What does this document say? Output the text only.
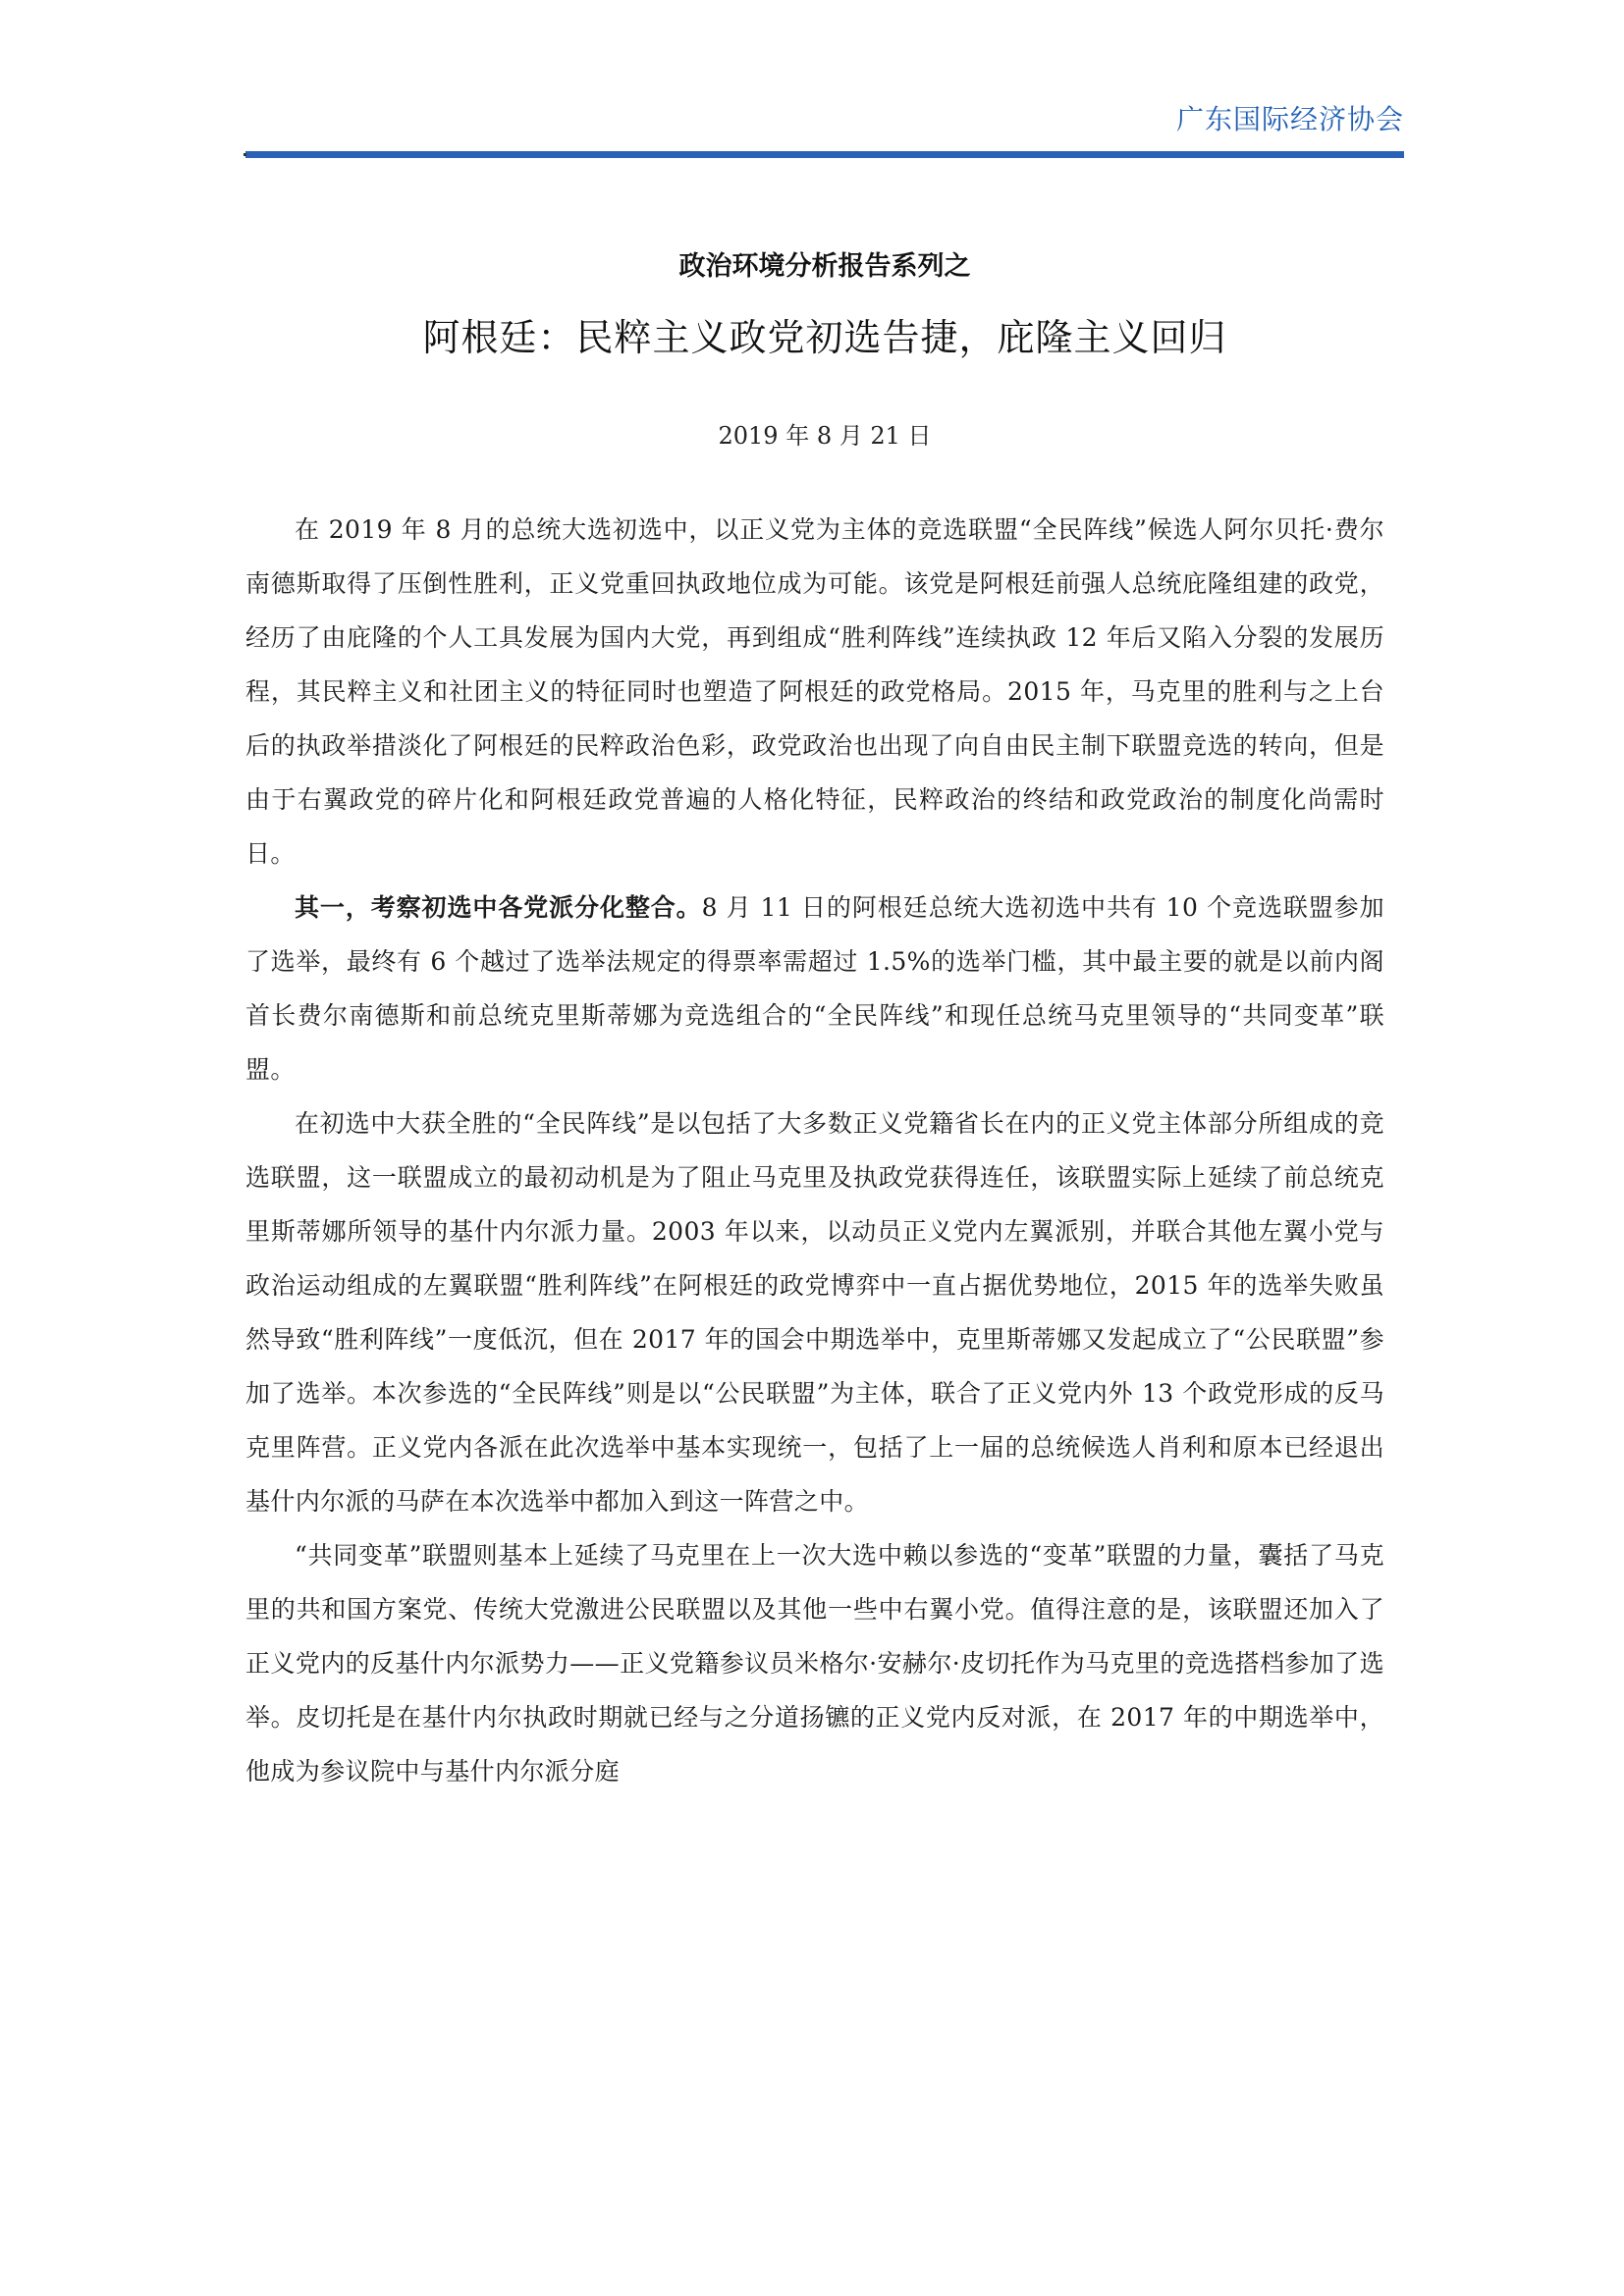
广东国际经济协会
政治环境分析报告系列之
阿根廷：民粹主义政党初选告捷，庇隆主义回归
2019 年 8 月 21 日

在 2019 年 8 月的总统大选初选中，以正义党为主体的竞选联盟“全民阵线”候选人阿尔贝托·费尔南德斯取得了压倒性胜利，正义党重回执政地位成为可能。该党是阿根廷前强人总统庇隆组建的政党，经历了由庇隆的个人工具发展为国内大党，再到组成“胜利阵线”连续执政 12 年后又陷入分裂的发展历程，其民粹主义和社团主义的特征同时也塑造了阿根廷的政党格局。2015 年，马克里的胜利与之上台后的执政举措淡化了阿根廷的民粹政治色彩，政党政治也出现了向自由民主制下联盟竞选的转向，但是由于右翼政党的碎片化和阿根廷政党普遍的人格化特征，民粹政治的终结和政党政治的制度化尚需时日。

其一，考察初选中各党派分化整合。8 月 11 日的阿根廷总统大选初选中共有 10 个竞选联盟参加了选举，最终有 6 个越过了选举法规定的得票率需超过 1.5%的选举门槛，其中最主要的就是以前内阁首长费尔南德斯和前总统克里斯蒂娜为竞选组合的“全民阵线”和现任总统马克里领导的“共同变革”联盟。

在初选中大获全胜的“全民阵线”是以包括了大多数正义党籍省长在内的正义党主体部分所组成的竞选联盟，这一联盟成立的最初动机是为了阻止马克里及执政党获得连任，该联盟实际上延续了前总统克里斯蒂娜所领导的基什内尔派力量。2003 年以来，以动员正义党内左翼派别，并联合其他左翼小党与政治运动组成的左翼联盟“胜利阵线”在阿根廷的政党博弈中一直占据优势地位，2015 年的选举失败虽然导致“胜利阵线”一度低沉，但在 2017 年的国会中期选举中，克里斯蒂娜又发起成立了“公民联盟”参加了选举。本次参选的“全民阵线”则是以“公民联盟”为主体，联合了正义党内外 13 个政党形成的反马克里阵营。正义党内各派在此次选举中基本实现统一，包括了上一届的总统候选人肖利和原本已经退出基什内尔派的马萨在本次选举中都加入到这一阵营之中。

“共同变革”联盟则基本上延续了马克里在上一次大选中赖以参选的“变革”联盟的力量，囊括了马克里的共和国方案党、传统大党激进公民联盟以及其他一些中右翼小党。值得注意的是，该联盟还加入了正义党内的反基什内尔派势力——正义党籍参议员米格尔·安赫尔·皮切托作为马克里的竞选搭档参加了选举。皮切托是在基什内尔执政时期就已经与之分道扬镳的正义党内反对派，在 2017 年的中期选举中，他成为参议院中与基什内尔派分庭
